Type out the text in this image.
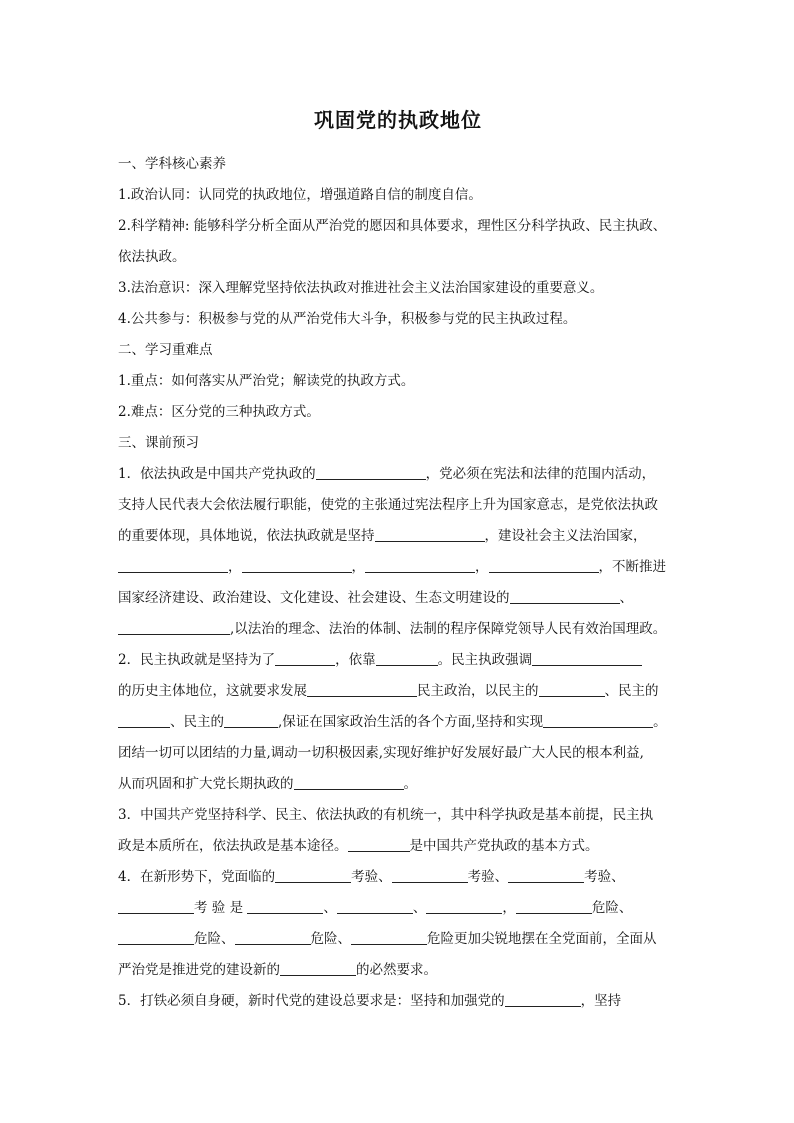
巩固党的执政地位
一、学科核心素养
1.政治认同：认同党的执政地位，增强道路自信的制度自信。
2.科学精神: 能够科学分析全面从严治党的愿因和具体要求，理性区分科学执政、民主执政、
依法执政。
3.法治意识：深入理解党坚持依法执政对推进社会主义法治国家建设的重要意义。
4.公共参与：积极参与党的从严治党伟大斗争，积极参与党的民主执政过程。
二、学习重难点
1.重点：如何落实从严治党；解读党的执政方式。
2.难点：区分党的三种执政方式。
三、课前预习
1．依法执政是中国共产党执政的	，党必须在宪法和法律的范围内活动，
支持人民代表大会依法履行职能，使党的主张通过宪法程序上升为国家意志，是党依法执政
的重要体现，具体地说，依法执政就是坚持	，建设社会主义法治国家，
，	，	，	，不断推进
国家经济建设、政治建设、文化建设、社会建设、生态文明建设的	、
,以法治的理念、法治的体制、法制的程序保障党领导人民有效治国理政。
2．民主执政就是坚持为了	，依靠	。民主执政强调
的历史主体地位，这就要求发展	民主政治，以民主的	、民主的
、民主的	,保证在国家政治生活的各个方面,坚持和实现	。
团结一切可以团结的力量,调动一切积极因素,实现好维护好发展好最广大人民的根本利益,
从而巩固和扩大党长期执政的	。
3．中国共产党坚持科学、民主、依法执政的有机统一，其中科学执政是基本前提，民主执
政是本质所在，依法执政是基本途径。	是中国共产党执政的基本方式。
4．在新形势下，党面临的	考验、	考验、	考验、
考 验 是	、	、	，	危险、
危险、	危险、	危险更加尖锐地摆在全党面前，全面从
严治党是推进党的建设新的	的必然要求。
5．打铁必须自身硬，新时代党的建设总要求是：坚持和加强党的	，坚持
